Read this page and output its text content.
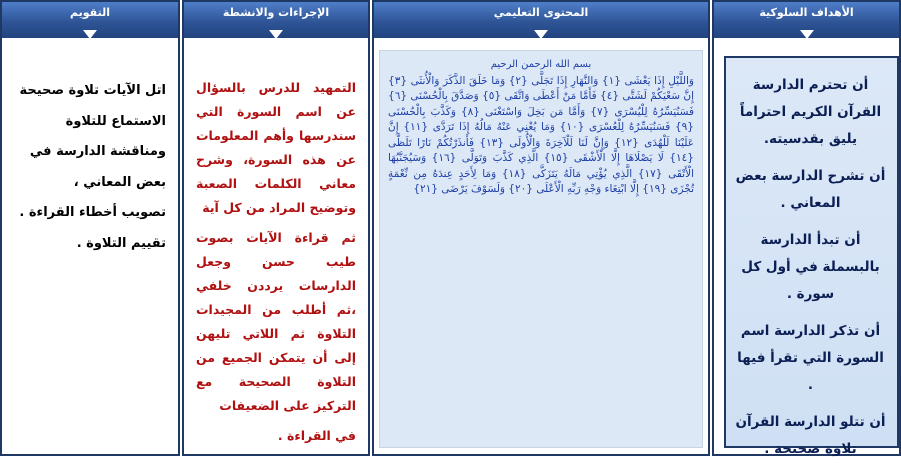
الأهداف السلوكية

أن تحترم الدارسة القرآن الكريم احتراماً يليق بقدسيته.

أن تشرح الدارسة بعض المعاني .

أن تبدأ الدارسة بالبسملة في أول كل سورة .

أن تذكر الدارسة اسم السورة التي تقرأ فيها .

أن تتلو الدارسة القرآن تلاوة صحيحة .

المحتوى التعليمي
بسم الله الرحمن الرحيم
وَاللَّيْلِ إِذَا يَغْشَى {١} وَالنَّهَارِ إِذَا تَجَلَّى {٢} وَمَا خَلَقَ الذَّكَرَ وَالْأُنثَى {٣} إِنَّ سَعْيَكُمْ لَشَتَّى {٤} فَأَمَّا مَنْ أَعْطَى وَاتَّقَى {٥} وَصَدَّقَ بِالْحُسْنَى {٦} فَسَنُيَسِّرُهُ لِلْيُسْرَى {٧} وَأَمَّا مَن بَخِلَ وَاسْتَغْنَى {٨} وَكَذَّبَ بِالْحُسْنَى {٩} فَسَنُيَسِّرُهُ لِلْعُسْرَى {١٠} وَمَا يُغْنِي عَنْهُ مَالُهُ إِذَا تَرَدَّى {١١} إِنَّ عَلَيْنَا لَلْهُدَى {١٢} وَإِنَّ لَنَا لَلْآخِرَةَ وَالْأُولَى {١٣} فَأَنذَرْتُكُمْ نَارًا تَلَظَّى {١٤} لَا يَصْلَاهَا إِلَّا الْأَشْقَى {١٥} الَّذِي كَذَّبَ وَتَوَلَّى {١٦} وَسَيُجَنَّبُهَا الْأَتْقَى {١٧} الَّذِي يُؤْتِي مَالَهُ يَتَزَكَّى {١٨} وَمَا لِأَحَدٍ عِندَهُ مِن نِّعْمَةٍ تُجْزَى {١٩} إِلَّا ابْتِغَاء وَجْهِ رَبِّهِ الْأَعْلَى {٢٠} وَلَسَوْفَ يَرْضَى {٢١}
الإجراءات والانشطة

التمهيد للدرس بالسؤال عن اسم السورة التي سندرسها وأهم المعلومات عن هذه السورة، وشرح معاني الكلمات الصعبة وتوضيح المراد من كل آية

ثم قراءة الآيات بصوت طيب حسن وجعل الدارسات يرددن خلفي ،ثم أطلب من المجيدات التلاوة ثم اللاتي تليهن إلى أن يتمكن الجميع من التلاوة الصحيحة مع التركيز على الضعيفات

في القراءة .

التقويم
اتل الآيات تلاوة صحيحة
الاستماع للتلاوة
ومناقشة الدارسة في بعض المعاني ،
تصويب أخطاء القراءة .
تقييم التلاوة .
